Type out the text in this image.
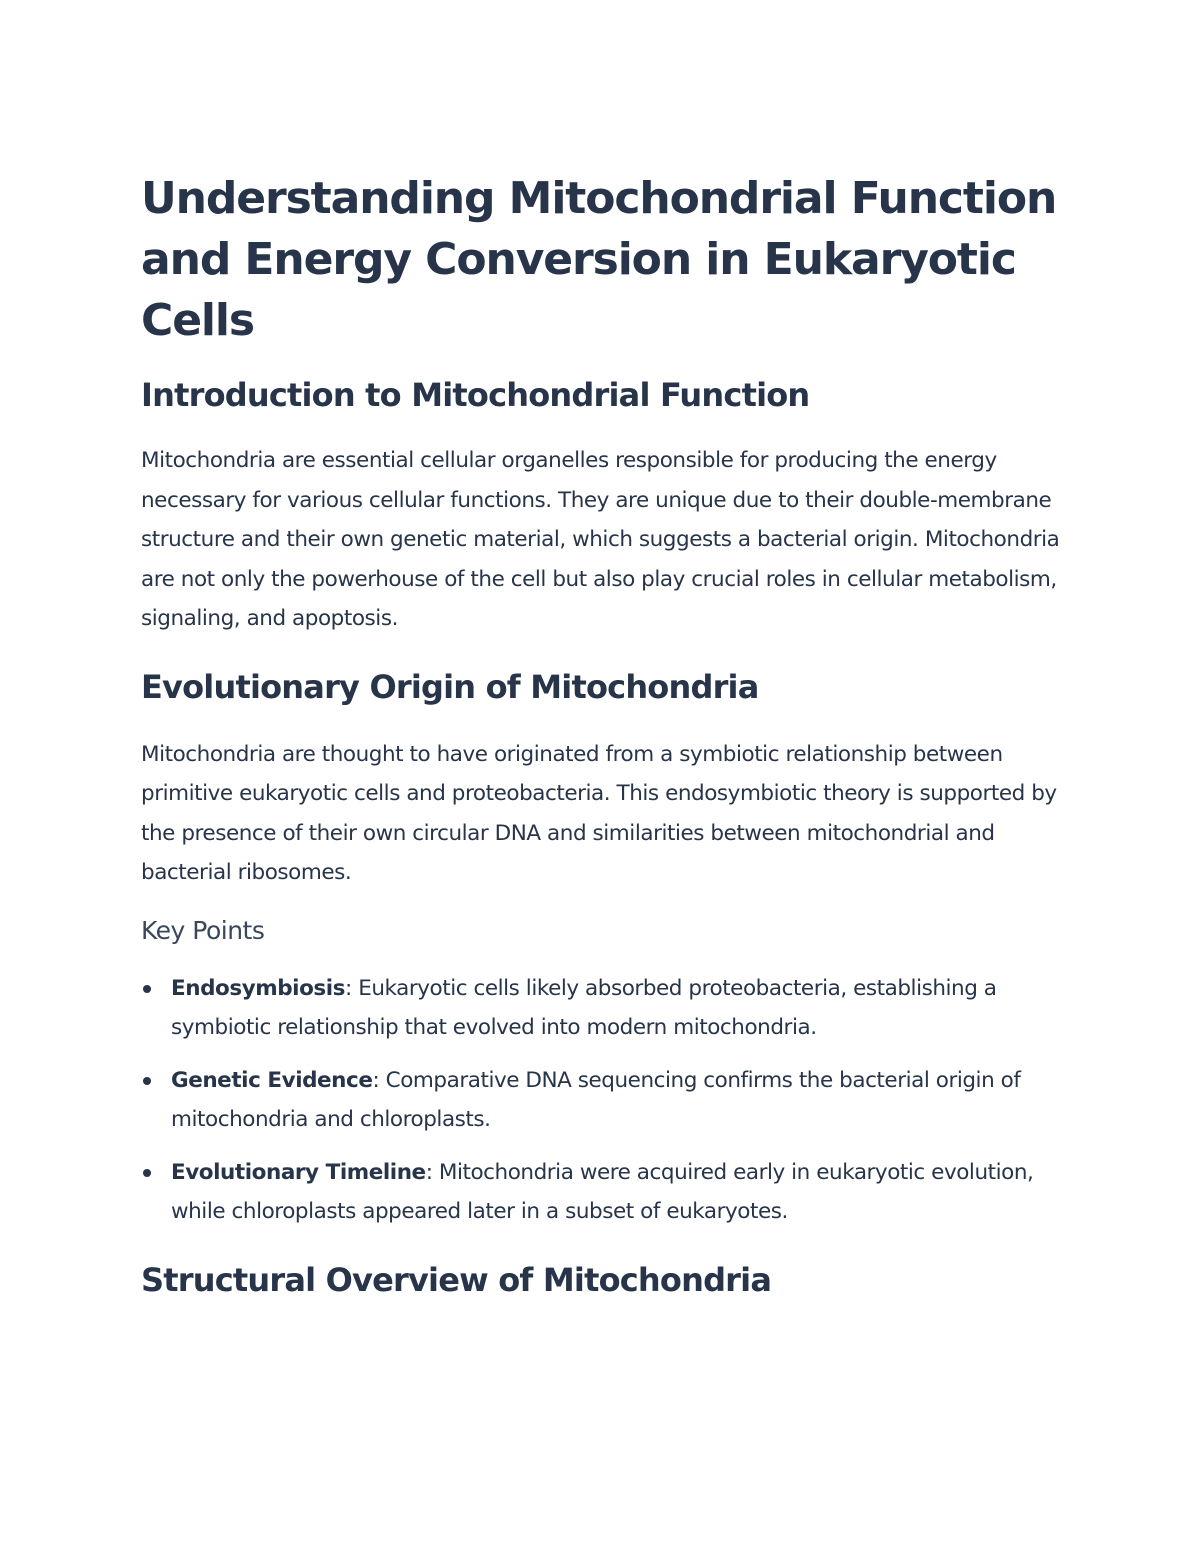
Understanding Mitochondrial Function and Energy Conversion in Eukaryotic Cells
Introduction to Mitochondrial Function

Mitochondria are essential cellular organelles responsible for producing the energy necessary for various cellular functions. They are unique due to their double-membrane structure and their own genetic material, which suggests a bacterial origin. Mitochondria are not only the powerhouse of the cell but also play crucial roles in cellular metabolism, signaling, and apoptosis.

Evolutionary Origin of Mitochondria

Mitochondria are thought to have originated from a symbiotic relationship between primitive eukaryotic cells and proteobacteria. This endosymbiotic theory is supported by the presence of their own circular DNA and similarities between mitochondrial and bacterial ribosomes.

Key Points
Endosymbiosis: Eukaryotic cells likely absorbed proteobacteria, establishing a symbiotic relationship that evolved into modern mitochondria.
Genetic Evidence: Comparative DNA sequencing confirms the bacterial origin of mitochondria and chloroplasts.
Evolutionary Timeline: Mitochondria were acquired early in eukaryotic evolution, while chloroplasts appeared later in a subset of eukaryotes.
Structural Overview of Mitochondria
